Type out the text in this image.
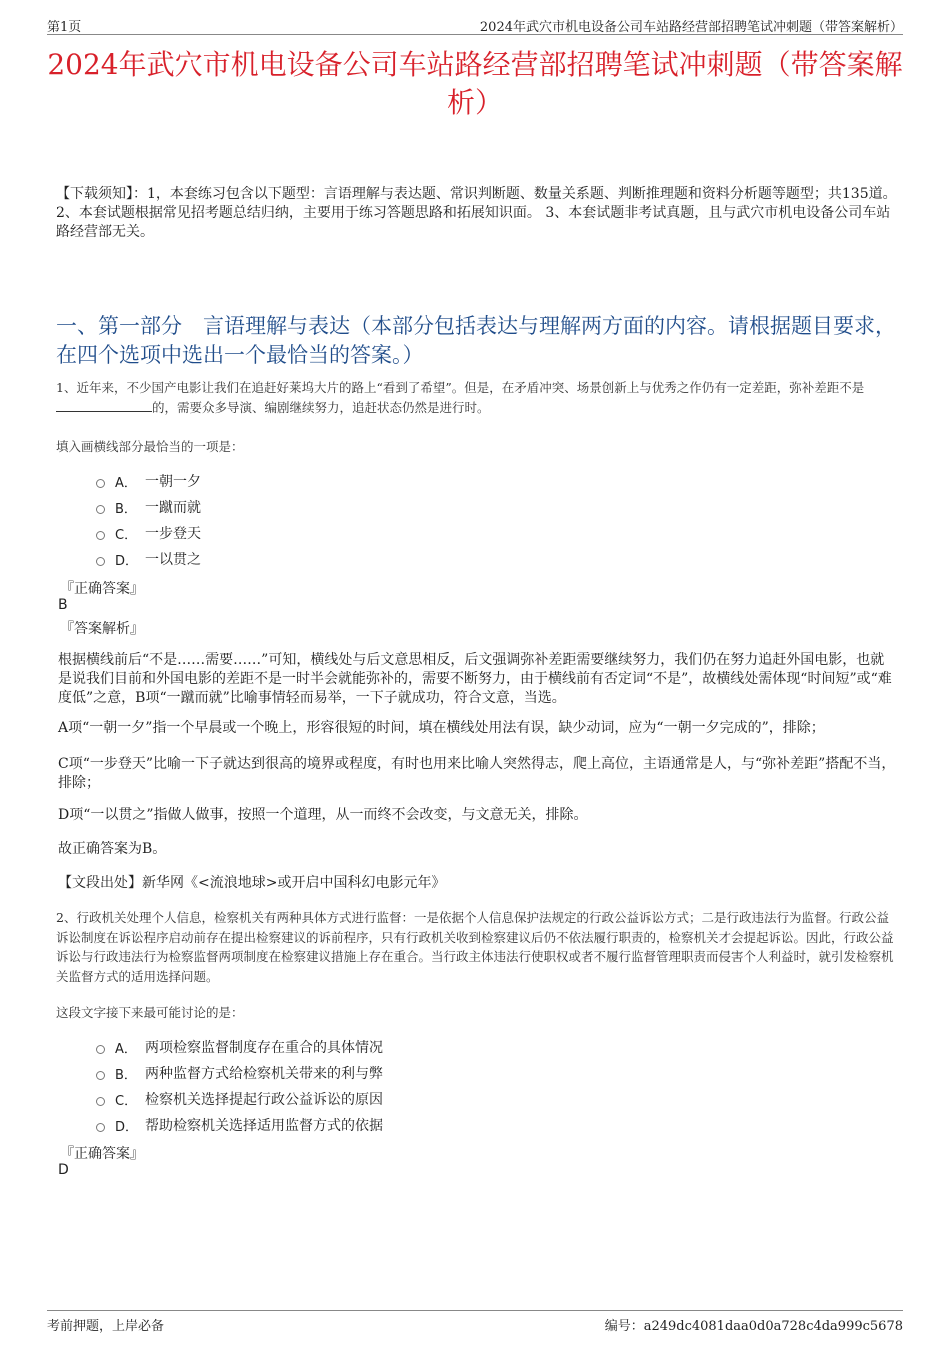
第1页	2024年武穴市机电设备公司车站路经营部招聘笔试冲刺题（带答案解析）
2024年武穴市机电设备公司车站路经营部招聘笔试冲刺题（带答案解析）
【下载须知】：1，本套练习包含以下题型：言语理解与表达题、常识判断题、数量关系题、判断推理题和资料分析题等题型；共135道。 2、本套试题根据常见招考题总结归纳，主要用于练习答题思路和拓展知识面。 3、本套试题非考试真题，且与武穴市机电设备公司车站路经营部无关。
一、第一部分　言语理解与表达（本部分包括表达与理解两方面的内容。请根据题目要求，在四个选项中选出一个最恰当的答案。）
1、近年来，不少国产电影让我们在追赶好莱坞大片的路上“看到了希望”。但是，在矛盾冲突、场景创新上与优秀之作仍有一定差距，弥补差距不是的，需要众多导演、编剧继续努力，追赶状态仍然是进行时。
填入画横线部分最恰当的一项是：
A． 一朝一夕
B． 一蹴而就
C． 一步登天
D． 一以贯之
『正确答案』
B
『答案解析』
根据横线前后“不是……需要……”可知，横线处与后文意思相反，后文强调弥补差距需要继续努力，我们仍在努力追赶外国电影，也就是说我们目前和外国电影的差距不是一时半会就能弥补的，需要不断努力，由于横线前有否定词“不是”，故横线处需体现“时间短”或“难度低”之意，B项“一蹴而就”比喻事情轻而易举，一下子就成功，符合文意，当选。
A项“一朝一夕”指一个早晨或一个晚上，形容很短的时间，填在横线处用法有误，缺少动词，应为“一朝一夕完成的”，排除；
C项“一步登天”比喻一下子就达到很高的境界或程度，有时也用来比喻人突然得志，爬上高位，主语通常是人，与“弥补差距”搭配不当，排除；
D项“一以贯之”指做人做事，按照一个道理，从一而终不会改变，与文意无关，排除。
故正确答案为B。
【文段出处】新华网《<流浪地球>或开启中国科幻电影元年》
2、行政机关处理个人信息，检察机关有两种具体方式进行监督：一是依据个人信息保护法规定的行政公益诉讼方式；二是行政违法行为监督。行政公益诉讼制度在诉讼程序启动前存在提出检察建议的诉前程序，只有行政机关收到检察建议后仍不依法履行职责的，检察机关才会提起诉讼。因此，行政公益诉讼与行政违法行为检察监督两项制度在检察建议措施上存在重合。当行政主体违法行使职权或者不履行监督管理职责而侵害个人利益时，就引发检察机关监督方式的适用选择问题。
这段文字接下来最可能讨论的是：
A． 两项检察监督制度存在重合的具体情况
B． 两种监督方式给检察机关带来的利与弊
C． 检察机关选择提起行政公益诉讼的原因
D． 帮助检察机关选择适用监督方式的依据
『正确答案』
D
考前押题，上岸必备	编号：a249dc4081daa0d0a728c4da999c5678
